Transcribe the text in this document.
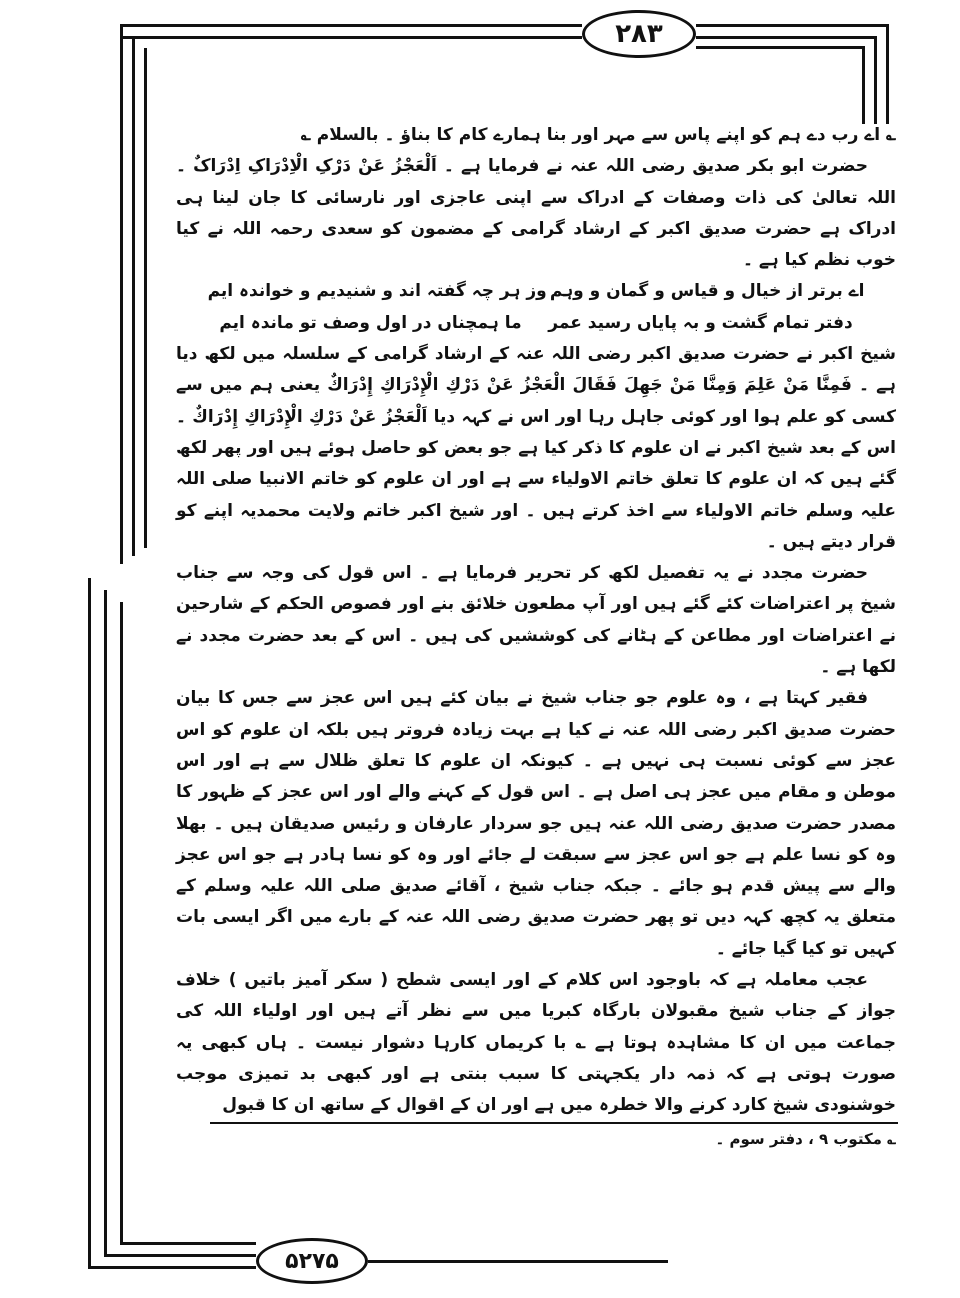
۲۸۳

؎ اے رب دے ہم کو اپنے پاس سے مہر اور بنا ہمارے کام کا بناؤ ۔ بالسلام ؎

حضرت ابو بکر صدیق رضی اللہ عنہ نے فرمایا ہے ۔ اَلْعَجْزُ عَنْ دَرْکِ الْاِدْرَاکِ اِدْرَاکٌ ۔ اللہ تعالیٰ کی ذات وصفات کے ادراک سے اپنی عاجزی اور نارسائی کا جان لینا ہی ادراک ہے حضرت صدیق اکبر کے ارشاد گرامی کے مضمون کو سعدی رحمہ اللہ نے کیا خوب نظم کیا ہے ۔

اے برتر از خیال و قیاس و گمان و وہم
وز ہر چہ گفتہ اند و شنیدیم و خواندہ ایم
دفتر تمام گشت و بہ پایاں رسید عمر
ما ہمچناں در اول وصف تو ماندہ ایم

شیخ اکبر نے حضرت صدیق اکبر رضی اللہ عنہ کے ارشاد گرامی کے سلسلہ میں لکھ دیا ہے ۔ فَمِنَّا مَنْ عَلِمَ وَمِنَّا مَنْ جَهِلَ فَقَالَ الْعَجْزُ عَنْ دَرْكِ الْإِدْرَاكِ إِدْرَاكٌ یعنی ہم میں سے کسی کو علم ہوا اور کوئی جاہل رہا اور اس نے کہہ دیا اَلْعَجْزُ عَنْ دَرْكِ الْإِدْرَاكِ إِدْرَاكٌ ۔ اس کے بعد شیخ اکبر نے ان علوم کا ذکر کیا ہے جو بعض کو حاصل ہوئے ہیں اور پھر لکھ گئے ہیں کہ ان علوم کا تعلق خاتم الاولیاء سے ہے اور ان علوم کو خاتم الانبیا صلی اللہ علیہ وسلم خاتم الاولیاء سے اخذ کرتے ہیں ۔ اور شیخ اکبر خاتم ولایت محمدیہ اپنے کو قرار دیتے ہیں ۔

حضرت مجدد نے یہ تفصیل لکھ کر تحریر فرمایا ہے ۔ اس قول کی وجہ سے جناب شیخ پر اعتراضات کئے گئے ہیں اور آپ مطعون خلائق بنے اور فصوص الحکم کے شارحین نے اعتراضات اور مطاعن کے ہٹانے کی کوششیں کی ہیں ۔ اس کے بعد حضرت مجدد نے لکھا ہے ۔

فقیر کہتا ہے ، وہ علوم جو جناب شیخ نے بیان کئے ہیں اس عجز سے جس کا بیان حضرت صدیق اکبر رضی اللہ عنہ نے کیا ہے بہت زیادہ فروتر ہیں بلکہ ان علوم کو اس عجز سے کوئی نسبت ہی نہیں ہے ۔ کیونکہ ان علوم کا تعلق ظلال سے ہے اور اس موطن و مقام میں عجز ہی اصل ہے ۔ اس قول کے کہنے والے اور اس عجز کے ظہور کا مصدر حضرت صدیق رضی اللہ عنہ ہیں جو سردار عارفان و رئیس صدیقان ہیں ۔ بھلا وہ کو نسا علم ہے جو اس عجز سے سبقت لے جائے اور وہ کو نسا ہادر ہے جو اس عجز والے سے پیش قدم ہو جائے ۔ جبکہ جناب شیخ ، آقائے صدیق صلی اللہ علیہ وسلم کے متعلق یہ کچھ کہہ دیں تو پھر حضرت صدیق رضی اللہ عنہ کے بارے میں اگر ایسی بات کہیں تو کیا گیا جائے ۔

عجب معاملہ ہے کہ باوجود اس کلام کے اور ایسی شطح ( سکر آمیز باتیں ) خلاف جواز کے جناب شیخ مقبولان بارگاہ کبریا میں سے نظر آتے ہیں اور اولیاء اللہ کی جماعت میں ان کا مشاہدہ ہوتا ہے ؎ با کریماں کارہا دشوار نیست ۔ ہاں کبھی یہ صورت ہوتی ہے کہ ذمہ دار یکجہتی کا سبب بنتی ہے اور کبھی بد تمیزی موجب خوشنودی شیخ کارد کرنے والا خطرہ میں ہے اور ان کے اقوال کے ساتھ ان کا قبول

؎ مکتوب ۹ ، دفتر سوم ۔
۵۲۷۵
